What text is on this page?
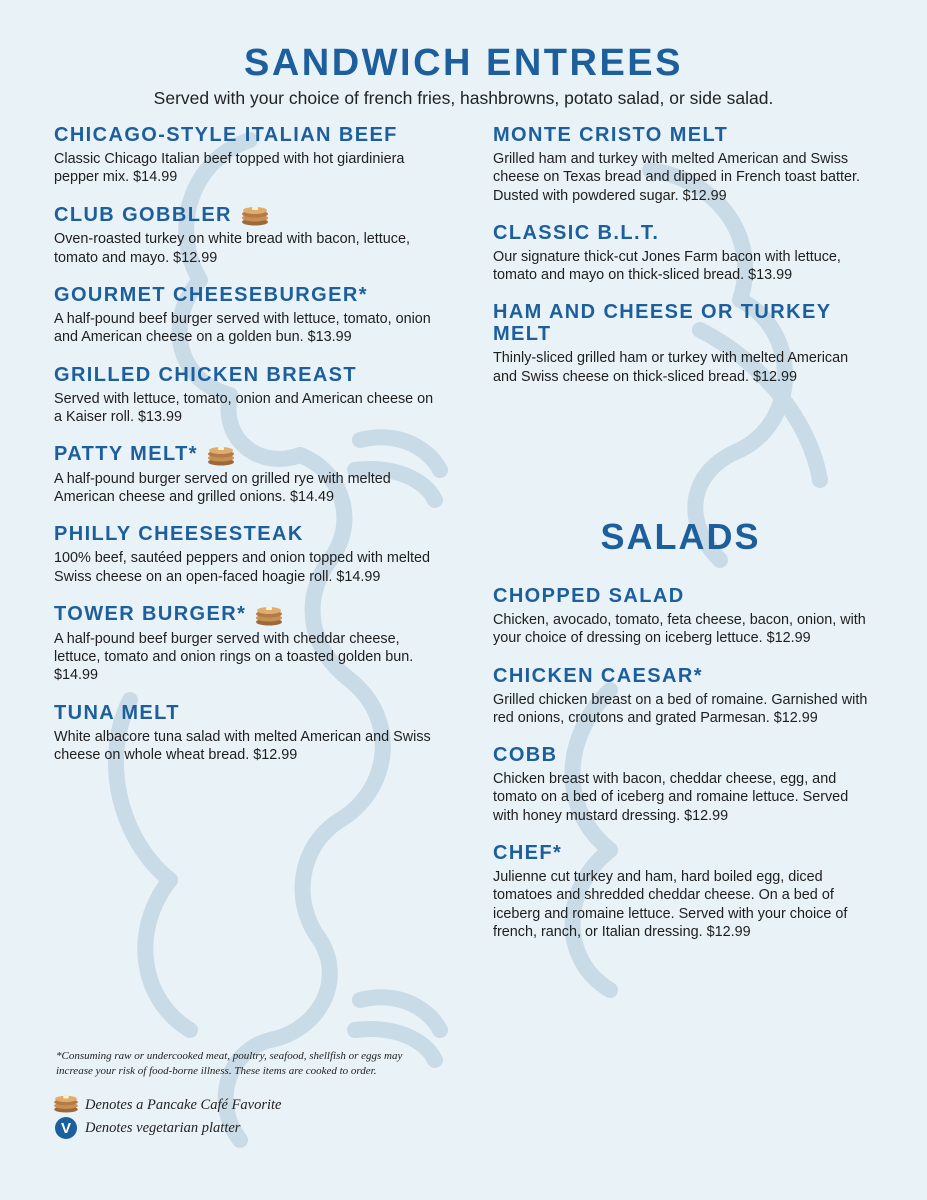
SANDWICH ENTREES

Served with your choice of french fries, hashbrowns, potato salad, or side salad.

CHICAGO-STYLE ITALIAN BEEF

Classic Chicago Italian beef topped with hot giardiniera pepper mix. $14.99

CLUB GOBBLER

Oven-roasted turkey on white bread with bacon, lettuce, tomato and mayo. $12.99

GOURMET CHEESEBURGER*

A half-pound beef burger served with lettuce, tomato, onion and American cheese on a golden bun. $13.99

GRILLED CHICKEN BREAST

Served with lettuce, tomato, onion and American cheese on a Kaiser roll. $13.99

PATTY MELT*

A half-pound burger served on grilled rye with melted American cheese and grilled onions. $14.49

PHILLY CHEESESTEAK

100% beef, sautéed peppers and onion topped with melted Swiss cheese on an open-faced hoagie roll. $14.99

TOWER BURGER*

A half-pound beef burger served with cheddar cheese, lettuce, tomato and onion rings on a toasted golden bun. $14.99

TUNA MELT

White albacore tuna salad with melted American and Swiss cheese on whole wheat bread. $12.99

MONTE CRISTO MELT

Grilled ham and turkey with melted American and Swiss cheese on Texas bread and dipped in French toast batter. Dusted with powdered sugar. $12.99

CLASSIC B.L.T.

Our signature thick-cut Jones Farm bacon with lettuce, tomato and mayo on thick-sliced bread. $13.99

HAM AND CHEESE OR TURKEY MELT

Thinly-sliced grilled ham or turkey with melted American and Swiss cheese on thick-sliced bread. $12.99

SALADS
CHOPPED SALAD

Chicken, avocado, tomato, feta cheese, bacon, onion, with your choice of dressing on iceberg lettuce. $12.99

CHICKEN CAESAR*

Grilled chicken breast on a bed of romaine. Garnished with red onions, croutons and grated Parmesan. $12.99

COBB

Chicken breast with bacon, cheddar cheese, egg, and tomato on a bed of iceberg and romaine lettuce. Served with honey mustard dressing. $12.99

CHEF*

Julienne cut turkey and ham, hard boiled egg, diced tomatoes and shredded cheddar cheese. On a bed of iceberg and romaine lettuce. Served with your choice of french, ranch, or Italian dressing. $12.99

*Consuming raw or undercooked meat, poultry, seafood, shellfish or eggs may increase your risk of food-borne illness. These items are cooked to order.

Denotes a Pancake Café Favorite
V Denotes vegetarian platter
